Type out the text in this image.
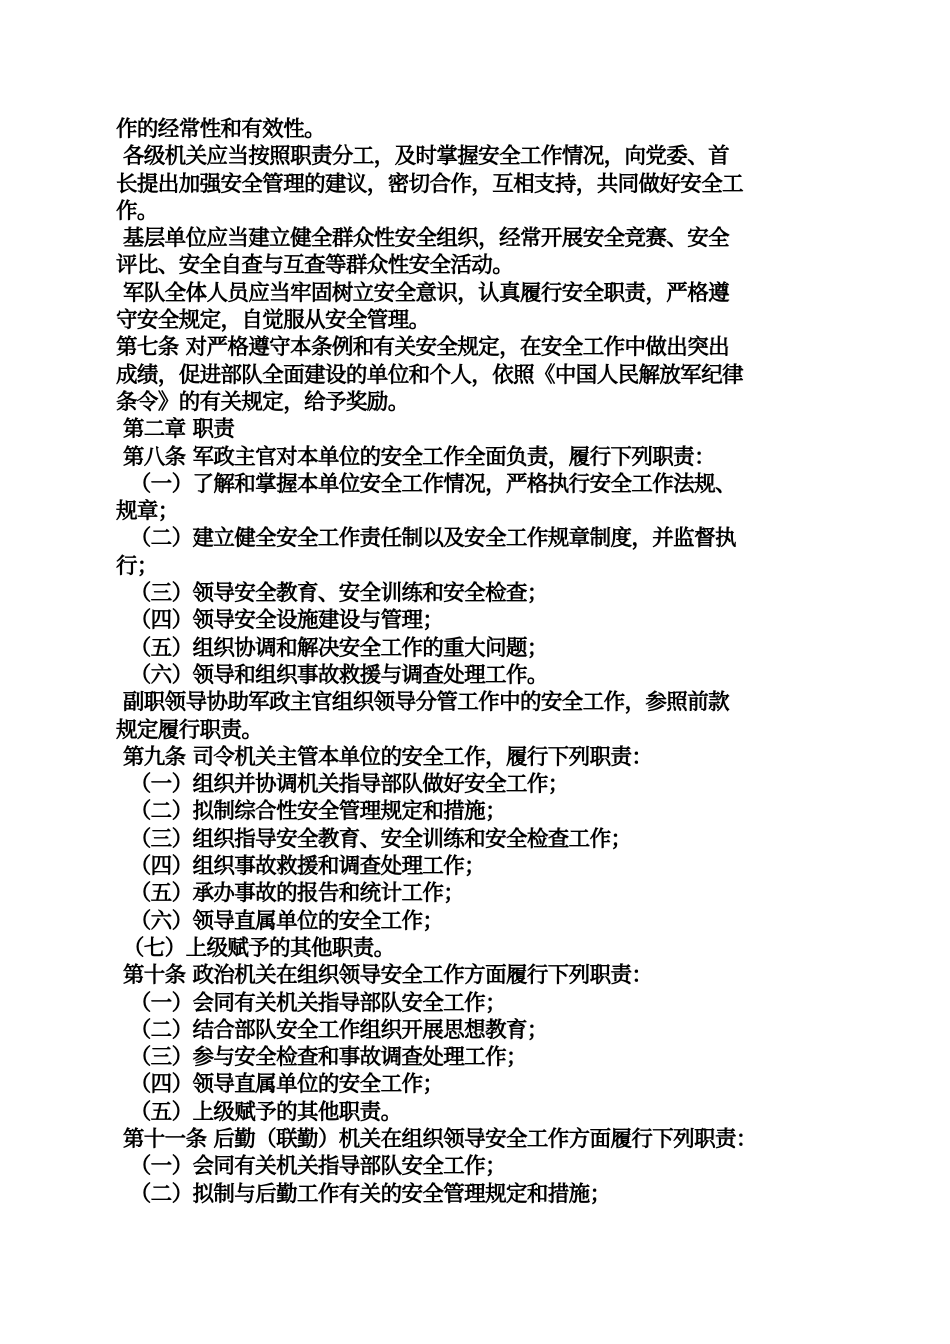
作的经常性和有效性。
各级机关应当按照职责分工，及时掌握安全工作情况，向党委、首
长提出加强安全管理的建议，密切合作，互相支持，共同做好安全工
作。
基层单位应当建立健全群众性安全组织，经常开展安全竞赛、安全
评比、安全自查与互查等群众性安全活动。
军队全体人员应当牢固树立安全意识，认真履行安全职责，严格遵
守安全规定，自觉服从安全管理。
第七条 对严格遵守本条例和有关安全规定，在安全工作中做出突出
成绩，促进部队全面建设的单位和个人，依照《中国人民解放军纪律
条令》的有关规定，给予奖励。
第二章 职责
第八条 军政主官对本单位的安全工作全面负责，履行下列职责：
（一）了解和掌握本单位安全工作情况，严格执行安全工作法规、
规章；
（二）建立健全安全工作责任制以及安全工作规章制度，并监督执
行；
（三）领导安全教育、安全训练和安全检查；
（四）领导安全设施建设与管理；
（五）组织协调和解决安全工作的重大问题；
（六）领导和组织事故救援与调查处理工作。
副职领导协助军政主官组织领导分管工作中的安全工作，参照前款
规定履行职责。
第九条 司令机关主管本单位的安全工作，履行下列职责：
（一）组织并协调机关指导部队做好安全工作；
（二）拟制综合性安全管理规定和措施；
（三）组织指导安全教育、安全训练和安全检查工作；
（四）组织事故救援和调查处理工作；
（五）承办事故的报告和统计工作；
（六）领导直属单位的安全工作；
（七）上级赋予的其他职责。
第十条 政治机关在组织领导安全工作方面履行下列职责：
（一）会同有关机关指导部队安全工作；
（二）结合部队安全工作组织开展思想教育；
（三）参与安全检查和事故调查处理工作；
（四）领导直属单位的安全工作；
（五）上级赋予的其他职责。
第十一条 后勤（联勤）机关在组织领导安全工作方面履行下列职责：
（一）会同有关机关指导部队安全工作；
（二）拟制与后勤工作有关的安全管理规定和措施；
